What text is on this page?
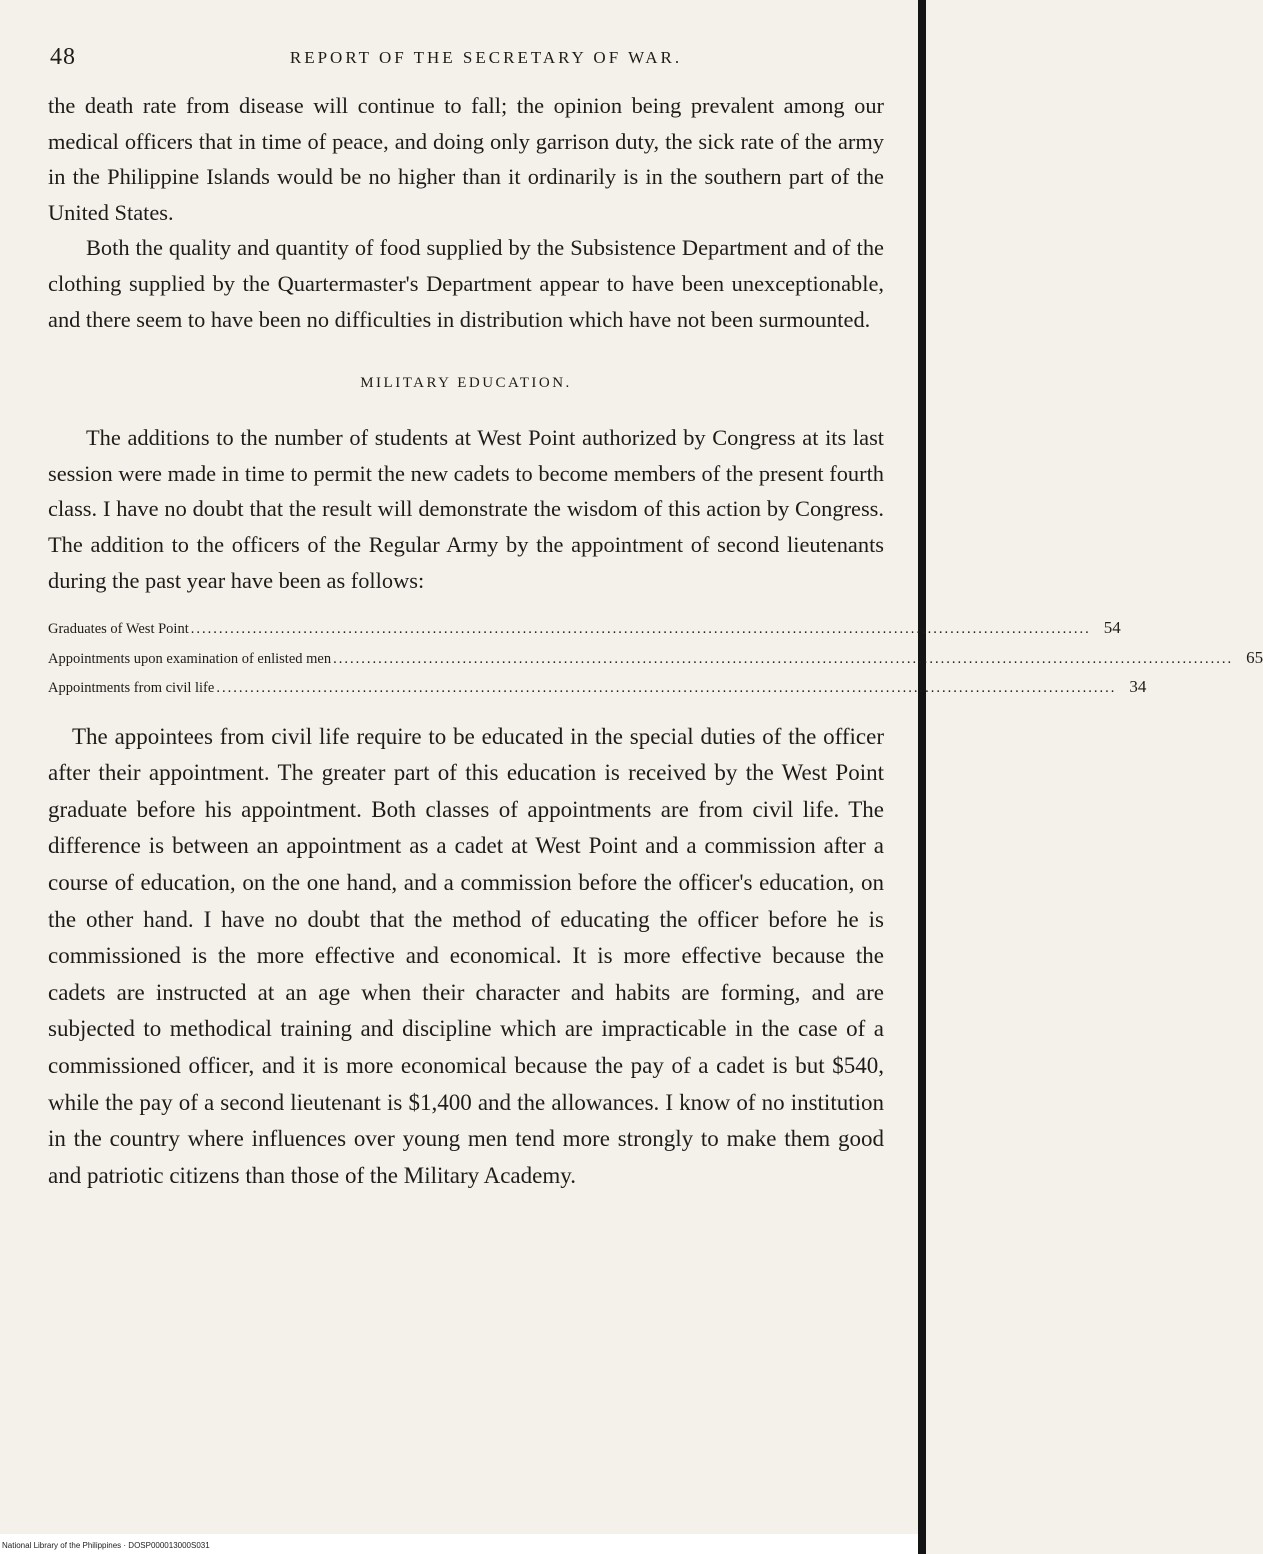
48	REPORT OF THE SECRETARY OF WAR.

the death rate from disease will continue to fall; the opinion being prevalent among our medical officers that in time of peace, and doing only garrison duty, the sick rate of the army in the Philippine Islands would be no higher than it ordinarily is in the southern part of the United States.

Both the quality and quantity of food supplied by the Subsistence Department and of the clothing supplied by the Quartermaster's Department appear to have been unexceptionable, and there seem to have been no difficulties in distribution which have not been surmounted.

MILITARY EDUCATION.

The additions to the number of students at West Point authorized by Congress at its last session were made in time to permit the new cadets to become members of the present fourth class. I have no doubt that the result will demonstrate the wisdom of this action by Congress. The addition to the officers of the Regular Army by the appointment of second lieutenants during the past year have been as follows:

Graduates of West Point ................................................................................................................................................................ 54
Appointments upon examination of enlisted men ................................................................................................................................................................ 65
Appointments from civil life ................................................................................................................................................................ 34

The appointees from civil life require to be educated in the special duties of the officer after their appointment. The greater part of this education is received by the West Point graduate before his appointment. Both classes of appointments are from civil life. The difference is between an appointment as a cadet at West Point and a commission after a course of education, on the one hand, and a commission before the officer's education, on the other hand. I have no doubt that the method of educating the officer before he is commissioned is the more effective and economical. It is more effective because the cadets are instructed at an age when their character and habits are forming, and are subjected to methodical training and discipline which are impracticable in the case of a commissioned officer, and it is more economical because the pay of a cadet is but $540, while the pay of a second lieutenant is $1,400 and the allowances. I know of no institution in the country where influences over young men tend more strongly to make them good and patriotic citizens than those of the Military Academy.

National Library of the Philippines · DOSP000013000S031
